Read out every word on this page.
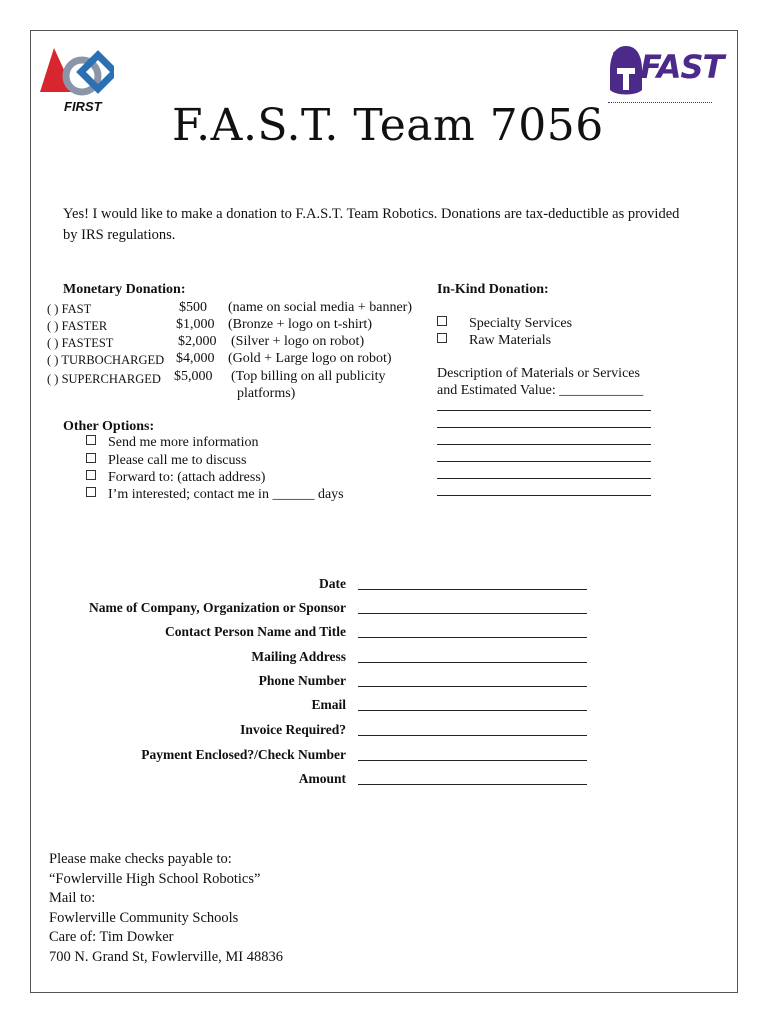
FIRST
FAST
F.A.S.T. Team 7056
Yes! I would like to make a donation to F.A.S.T. Team Robotics. Donations are tax-deductible as provided by IRS regulations.
Monetary Donation:
( ) FAST	$500 (name on social media + banner)
( ) FASTER	$1,000 (Bronze + logo on t-shirt)
( ) FASTEST	$2,000 (Silver + logo on robot)
( ) TURBOCHARGED $4,000 (Gold + Large logo on robot)
( ) SUPERCHARGED $5,000 (Top billing on all publicity
platforms)
In-Kind Donation:
Specialty Services
Raw Materials
Description of Materials or Services
and Estimated Value: ____________
Other Options:
Send me more information
Please call me to discuss
Forward to: (attach address)
I’m interested; contact me in ______ days
Date
Name of Company, Organization or Sponsor
Contact Person Name and Title
Mailing Address
Phone Number
Email
Invoice Required?
Payment Enclosed?/Check Number
Amount
Please make checks payable to:
“Fowlerville High School Robotics”
Mail to:
Fowlerville Community Schools
Care of: Tim Dowker
700 N. Grand St, Fowlerville, MI 48836
